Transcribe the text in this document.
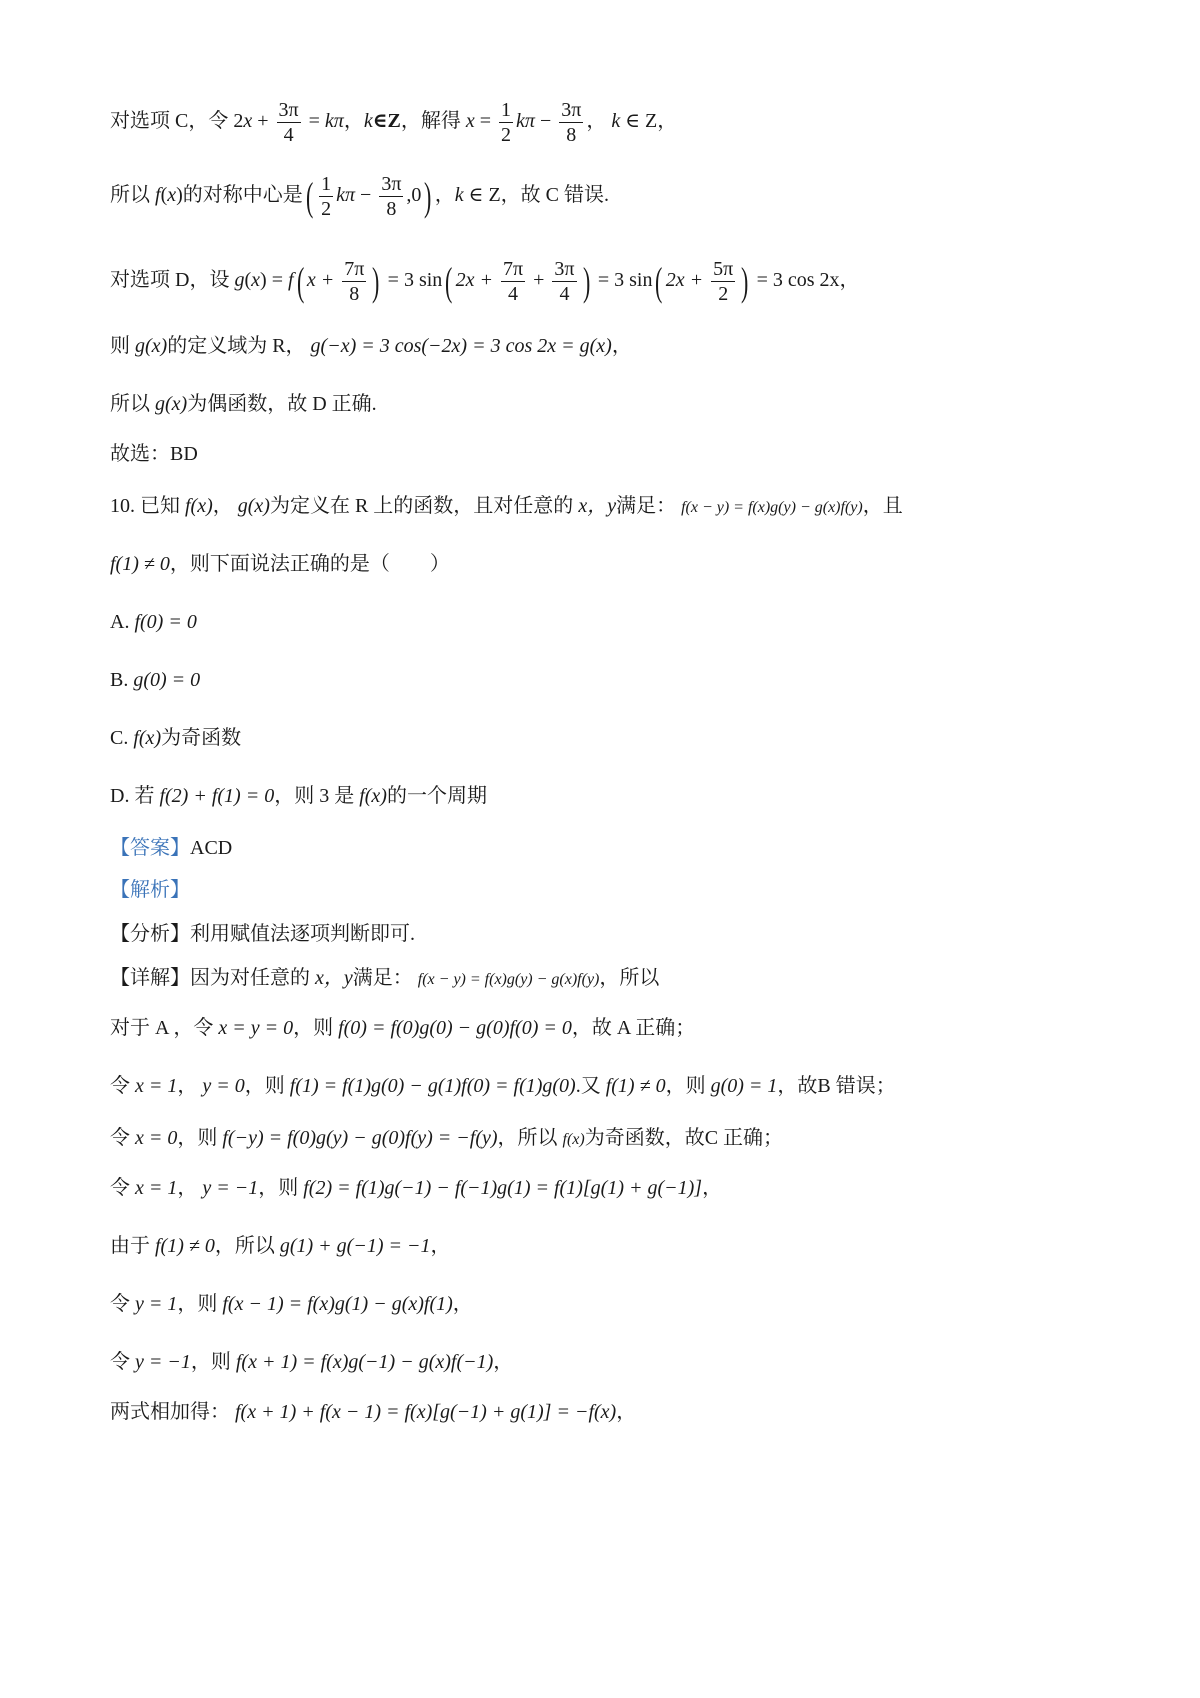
对选项 C，令 $2x + \frac{3\pi}{4} = k\pi$，k∈Z，解得 $x = \frac{1}{2}$ $k\pi - \frac{3\pi}{8}$ ， k ∈ Z，
所以 f(x)的对称中心是( $\frac{1}{2}$ $k\pi - \frac{3\pi}{8} ,0$) ，k ∈ Z，故 C 错误.
对选项 D，设 g(x) = f( $x + \frac{7\pi}{8}$ ) = 3 sin( $2x + \frac{7\pi}{4} + \frac{3\pi}{4}$ ) = 3 sin( $2x + \frac{5\pi}{2}$ ) = 3 cos 2x，
则 g(x)的定义域为 R， g(−x) = 3 cos(−2x) = 3 cos 2x = g(x)，
所以 g(x)为偶函数，故 D 正确.
故选：BD
10. 已知 f(x)， g(x)为定义在 R 上的函数，且对任意的 x，y满足： f(x − y) = f(x)g(y) − g(x)f(y)，且
f(1) ≠ 0，则下面说法正确的是（　　）
A. f(0) = 0
B. g(0) = 0
C. f(x)为奇函数
D. 若 f(2) + f(1) = 0，则 3 是 f(x)的一个周期
【答案】ACD
【解析】
【分析】利用赋值法逐项判断即可.
【详解】因为对任意的 x，y满足： f(x − y) = f(x)g(y) − g(x)f(y)，所以
对于 A ，令 x = y = 0，则 f(0) = f(0)g(0) − g(0)f(0) = 0，故 A 正确；
令 x = 1， y = 0，则 f(1) = f(1)g(0) − g(1)f(0) = f(1)g(0).又 f(1) ≠ 0，则 g(0) = 1，故B 错误；
令 x = 0，则 f(−y) = f(0)g(y) − g(0)f(y) = −f(y)，所以 f(x)为奇函数，故C 正确；
令 x = 1， y = −1，则 f(2) = f(1)g(−1) − f(−1)g(1) = f(1)[g(1) + g(−1)]，
由于 f(1) ≠ 0，所以 g(1) + g(−1) = −1，
令 y = 1，则 f(x − 1) = f(x)g(1) − g(x)f(1)，
令 y = −1，则 f(x + 1) = f(x)g(−1) − g(x)f(−1)，
两式相加得： f(x + 1) + f(x − 1) = f(x)[g(−1) + g(1)] = −f(x)，
